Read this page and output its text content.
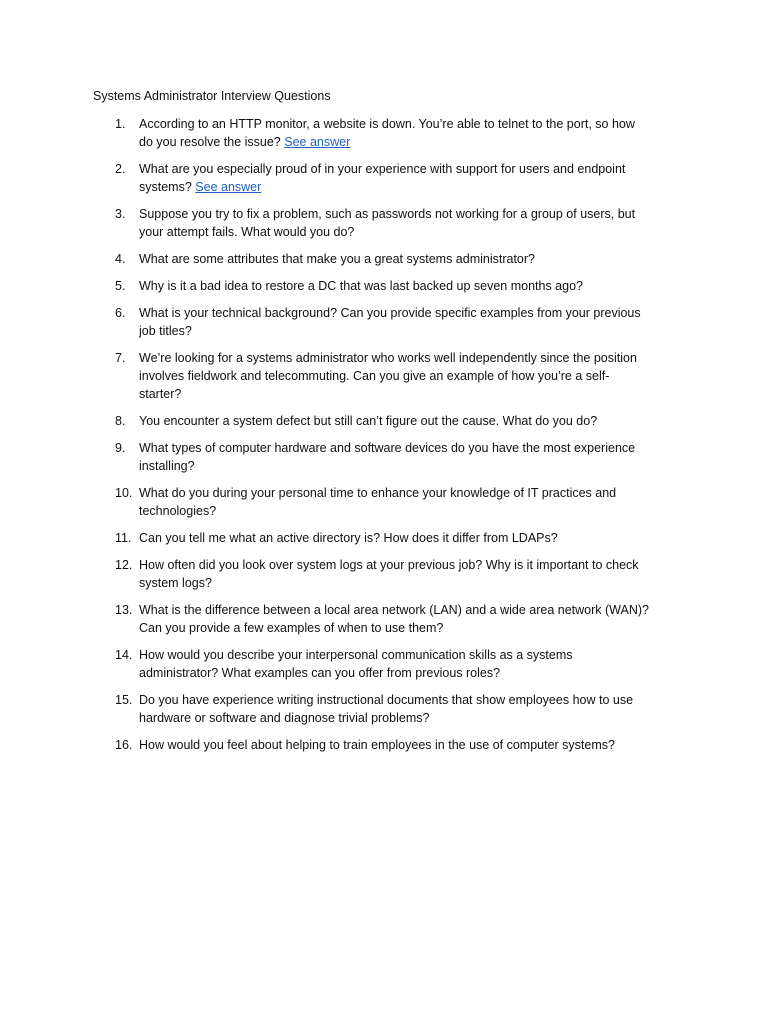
Systems Administrator Interview Questions
1. According to an HTTP monitor, a website is down. You’re able to telnet to the port, so how
do you resolve the issue? See answer
2. What are you especially proud of in your experience with support for users and endpoint
systems? See answer
3. Suppose you try to fix a problem, such as passwords not working for a group of users, but
your attempt fails. What would you do?
4. What are some attributes that make you a great systems administrator?
5. Why is it a bad idea to restore a DC that was last backed up seven months ago?
6. What is your technical background? Can you provide specific examples from your previous
job titles?
7. We’re looking for a systems administrator who works well independently since the position
involves fieldwork and telecommuting. Can you give an example of how you’re a self-
starter?
8. You encounter a system defect but still can’t figure out the cause. What do you do?
9. What types of computer hardware and software devices do you have the most experience
installing?
10. What do you during your personal time to enhance your knowledge of IT practices and
technologies?
11. Can you tell me what an active directory is? How does it differ from LDAPs?
12. How often did you look over system logs at your previous job? Why is it important to check
system logs?
13. What is the difference between a local area network (LAN) and a wide area network (WAN)?
Can you provide a few examples of when to use them?
14. How would you describe your interpersonal communication skills as a systems
administrator? What examples can you offer from previous roles?
15. Do you have experience writing instructional documents that show employees how to use
hardware or software and diagnose trivial problems?
16. How would you feel about helping to train employees in the use of computer systems?
